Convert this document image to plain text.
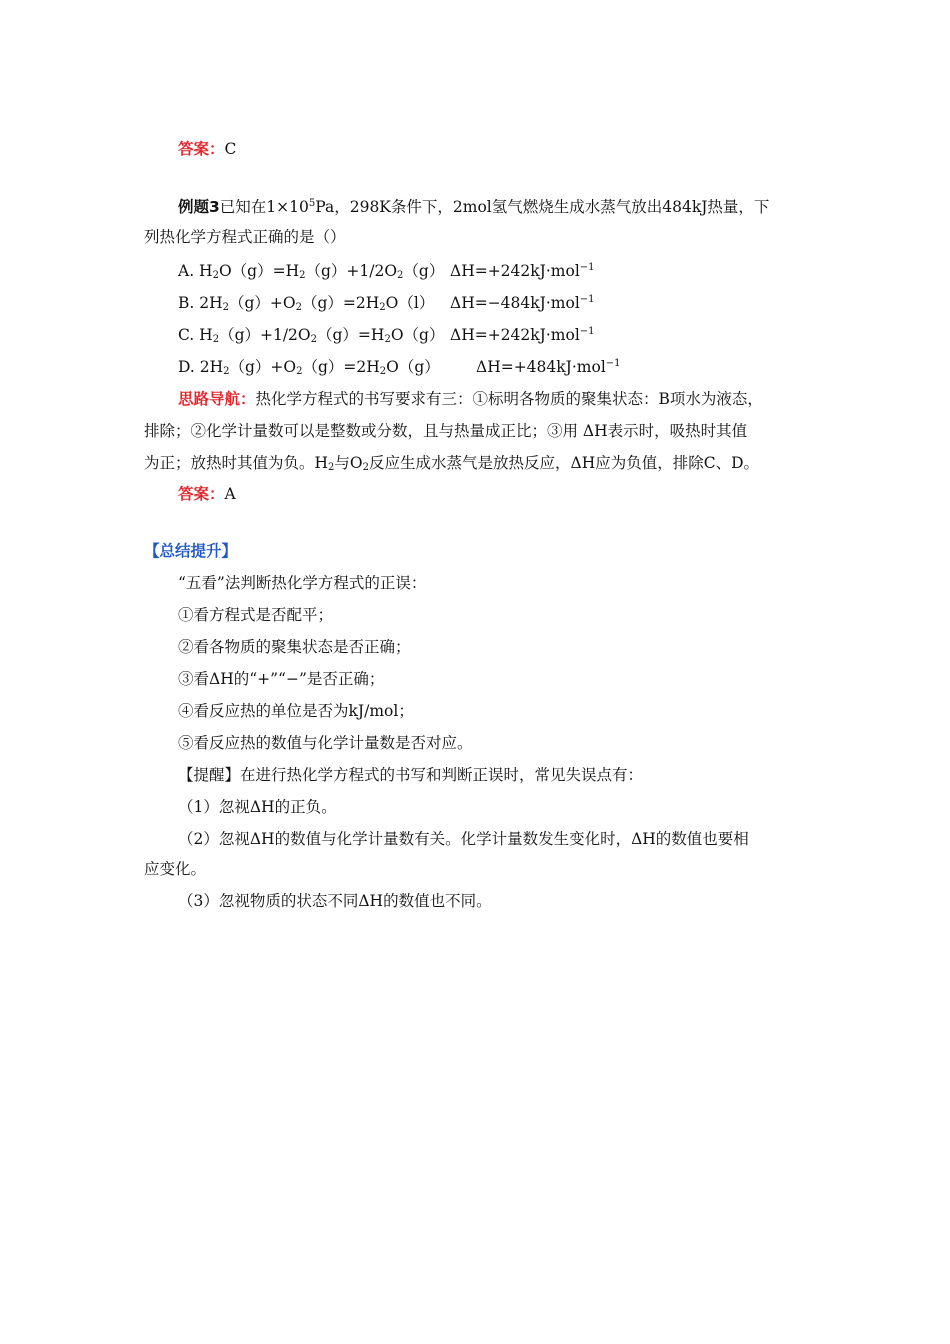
答案：C
例题3已知在$1\times 10^5Pa$，298K条件下，2mol氢气燃烧生成水蒸气放出484kJ热量，下
列热化学方程式正确的是（）
A. $H_2O(g)=H_2(g)+1/2O_2(g)$ ΔH=+242kJ·mol$^{-1}$
B. $2H_2(g)+O_2(g)=2H_2O(l)$ ΔH=−484kJ·mol$^{-1}$
C. $H_2(g)+1/2O_2(g)=H_2O(g)$ ΔH=+242kJ·mol$^{-1}$
D. $2H_2(g)+O_2(g)=2H_2O(g)$ ΔH=+484kJ·mol$^{-1}$
思路导航：热化学方程式的书写要求有三：①标明各物质的聚集状态：B项水为液态，
排除；②化学计量数可以是整数或分数，且与热量成正比；③用 ΔH表示时，吸热时其值
为正；放热时其值为负。$H_2$与$O_2$反应生成水蒸气是放热反应，ΔH应为负值，排除C、D。
答案：A
【总结提升】
“五看”法判断热化学方程式的正误：
①看方程式是否配平；
②看各物质的聚集状态是否正确；
③看ΔH的“+”“−”是否正确；
④看反应热的单位是否为kJ/mol；
⑤看反应热的数值与化学计量数是否对应。
【提醒】在进行热化学方程式的书写和判断正误时，常见失误点有：
（1）忽视ΔH的正负。
（2）忽视ΔH的数值与化学计量数有关。化学计量数发生变化时，ΔH的数值也要相
应变化。
（3）忽视物质的状态不同ΔH的数值也不同。
